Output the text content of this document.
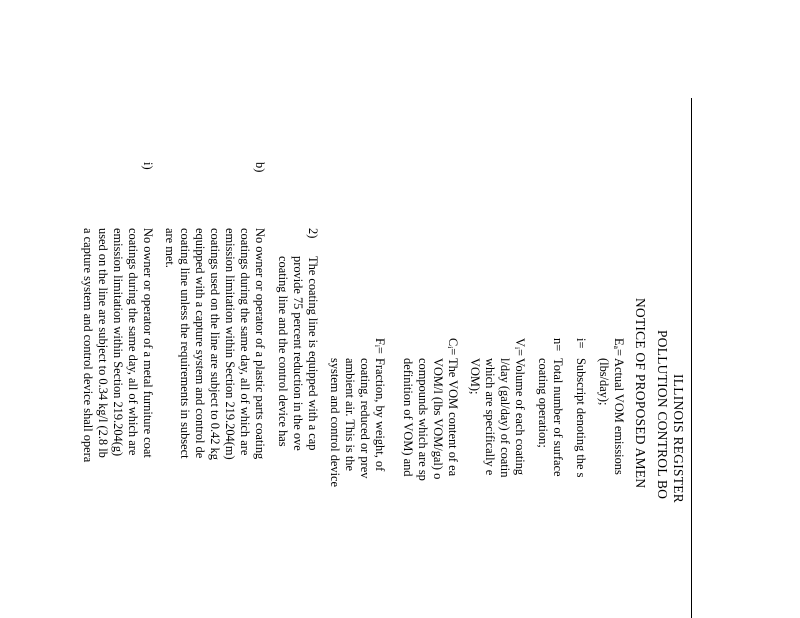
ILLINOIS REGISTER
POLLUTION CONTROL BO
NOTICE OF PROPOSED AMEN
Eₐ=
Actual VOM emissions
(lbs/day);
i=
Subscript denoting the s
n=
Total number of surface
coating operation;
Vᵢ=
Volume of each coating
l/day (gal/day) of coatin
which are specifically e
VOM);
Cᵢ=
The VOM content of ea
VOM/l (lbs VOM/gal) o
compounds which are sp
definition of VOM) and
Fᵢ=
Fraction, by weight, of
coating, reduced or prev
ambient air. This is the
system and control device
2)
The coating line is equipped with a cap
provide 75 percent reduction in the ove
coating line and the control device has
b)
No owner or operator of a plastic parts coating
coatings during the same day, all of which are
emission limitation within Section 219.204(m)
coatings used on the line are subject to 0.42 kg
equipped with a capture system and control de
coating line unless the requirements in subsect
are met.
i)
No owner or operator of a metal furniture coat
coatings during the same day, all of which are
emission limitation within Section 219.204(g)
used on the line are subject to 0.34 kg/l (2.8 lb
a capture system and control device shall opera
